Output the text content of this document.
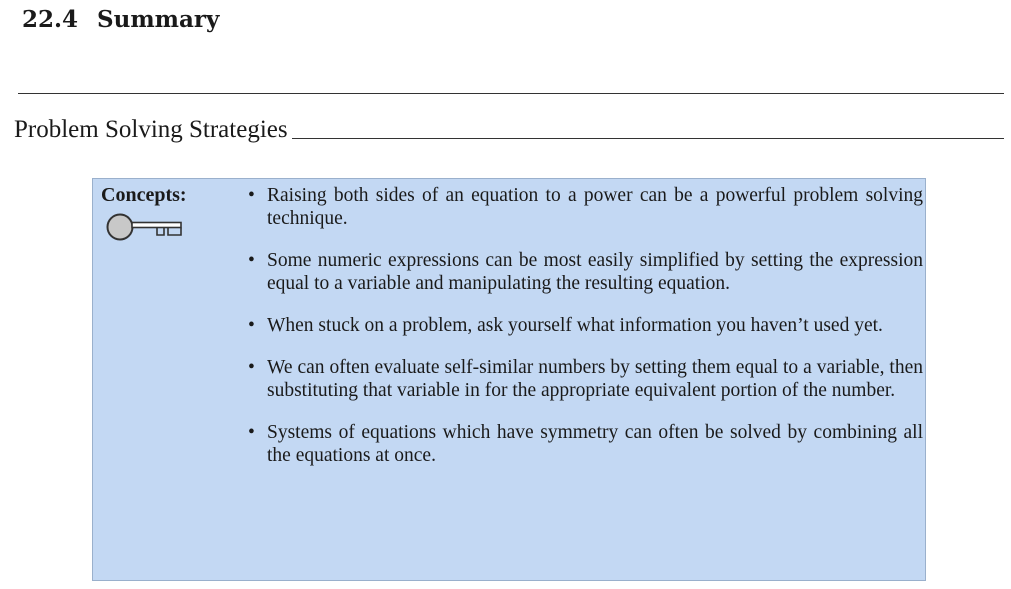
22.4 Summary
Problem Solving Strategies
Concepts:	• Raising both sides of an equation to a power can be a powerful problem solving technique.
• Some numeric expressions can be most easily simplified by setting the expression equal to a variable and manipulating the resulting equation.
• When stuck on a problem, ask yourself what information you haven’t used yet.
• We can often evaluate self-similar numbers by setting them equal to a variable, then substituting that variable in for the appropriate equivalent portion of the number.
• Systems of equations which have symmetry can often be solved by combining all the equations at once.
